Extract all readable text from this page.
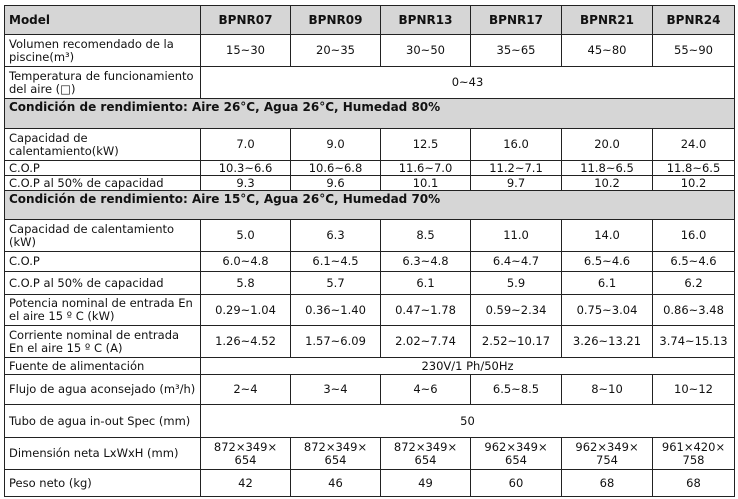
Model	BPNR07	BPNR09	BPNR13	BPNR17	BPNR21	BPNR24
Volumen recomendado de la piscine(m³)	15~30	20~35	30~50	35~65	45~80	55~90
Temperatura de funcionamiento del aire (□)	0~43					
Condición de rendimiento: Aire 26°C, Agua 26°C, Humedad 80%						
Capacidad de calentamiento(kW)	7.0	9.0	12.5	16.0	20.0	24.0
C.O.P	10.3~6.6	10.6~6.8	11.6~7.0	11.2~7.1	11.8~6.5	11.8~6.5
C.O.P al 50% de capacidad	9.3	9.6	10.1	9.7	10.2	10.2
Condición de rendimiento: Aire 15°C, Agua 26°C, Humedad 70%						
Capacidad de calentamiento (kW)	5.0	6.3	8.5	11.0	14.0	16.0
C.O.P	6.0~4.8	6.1~4.5	6.3~4.8	6.4~4.7	6.5~4.6	6.5~4.6
C.O.P al 50% de capacidad	5.8	5.7	6.1	5.9	6.1	6.2
Potencia nominal de entrada En el aire 15 º C (kW)	0.29~1.04	0.36~1.40	0.47~1.78	0.59~2.34	0.75~3.04	0.86~3.48
Corriente nominal de entrada En el aire 15 º C (A)	1.26~4.52	1.57~6.09	2.02~7.74	2.52~10.17	3.26~13.21	3.74~15.13
Fuente de alimentación	230V/1 Ph/50Hz					
Flujo de agua aconsejado (m³/h)	2~4	3~4	4~6	6.5~8.5	8~10	10~12
Tubo de agua in-out Spec (mm)	50					
Dimensión neta LxWxH (mm)	872×349× 654	872×349× 654	872×349× 654	962×349× 654	962×349× 754	961×420× 758
Peso neto (kg)	42	46	49	60	68	68
